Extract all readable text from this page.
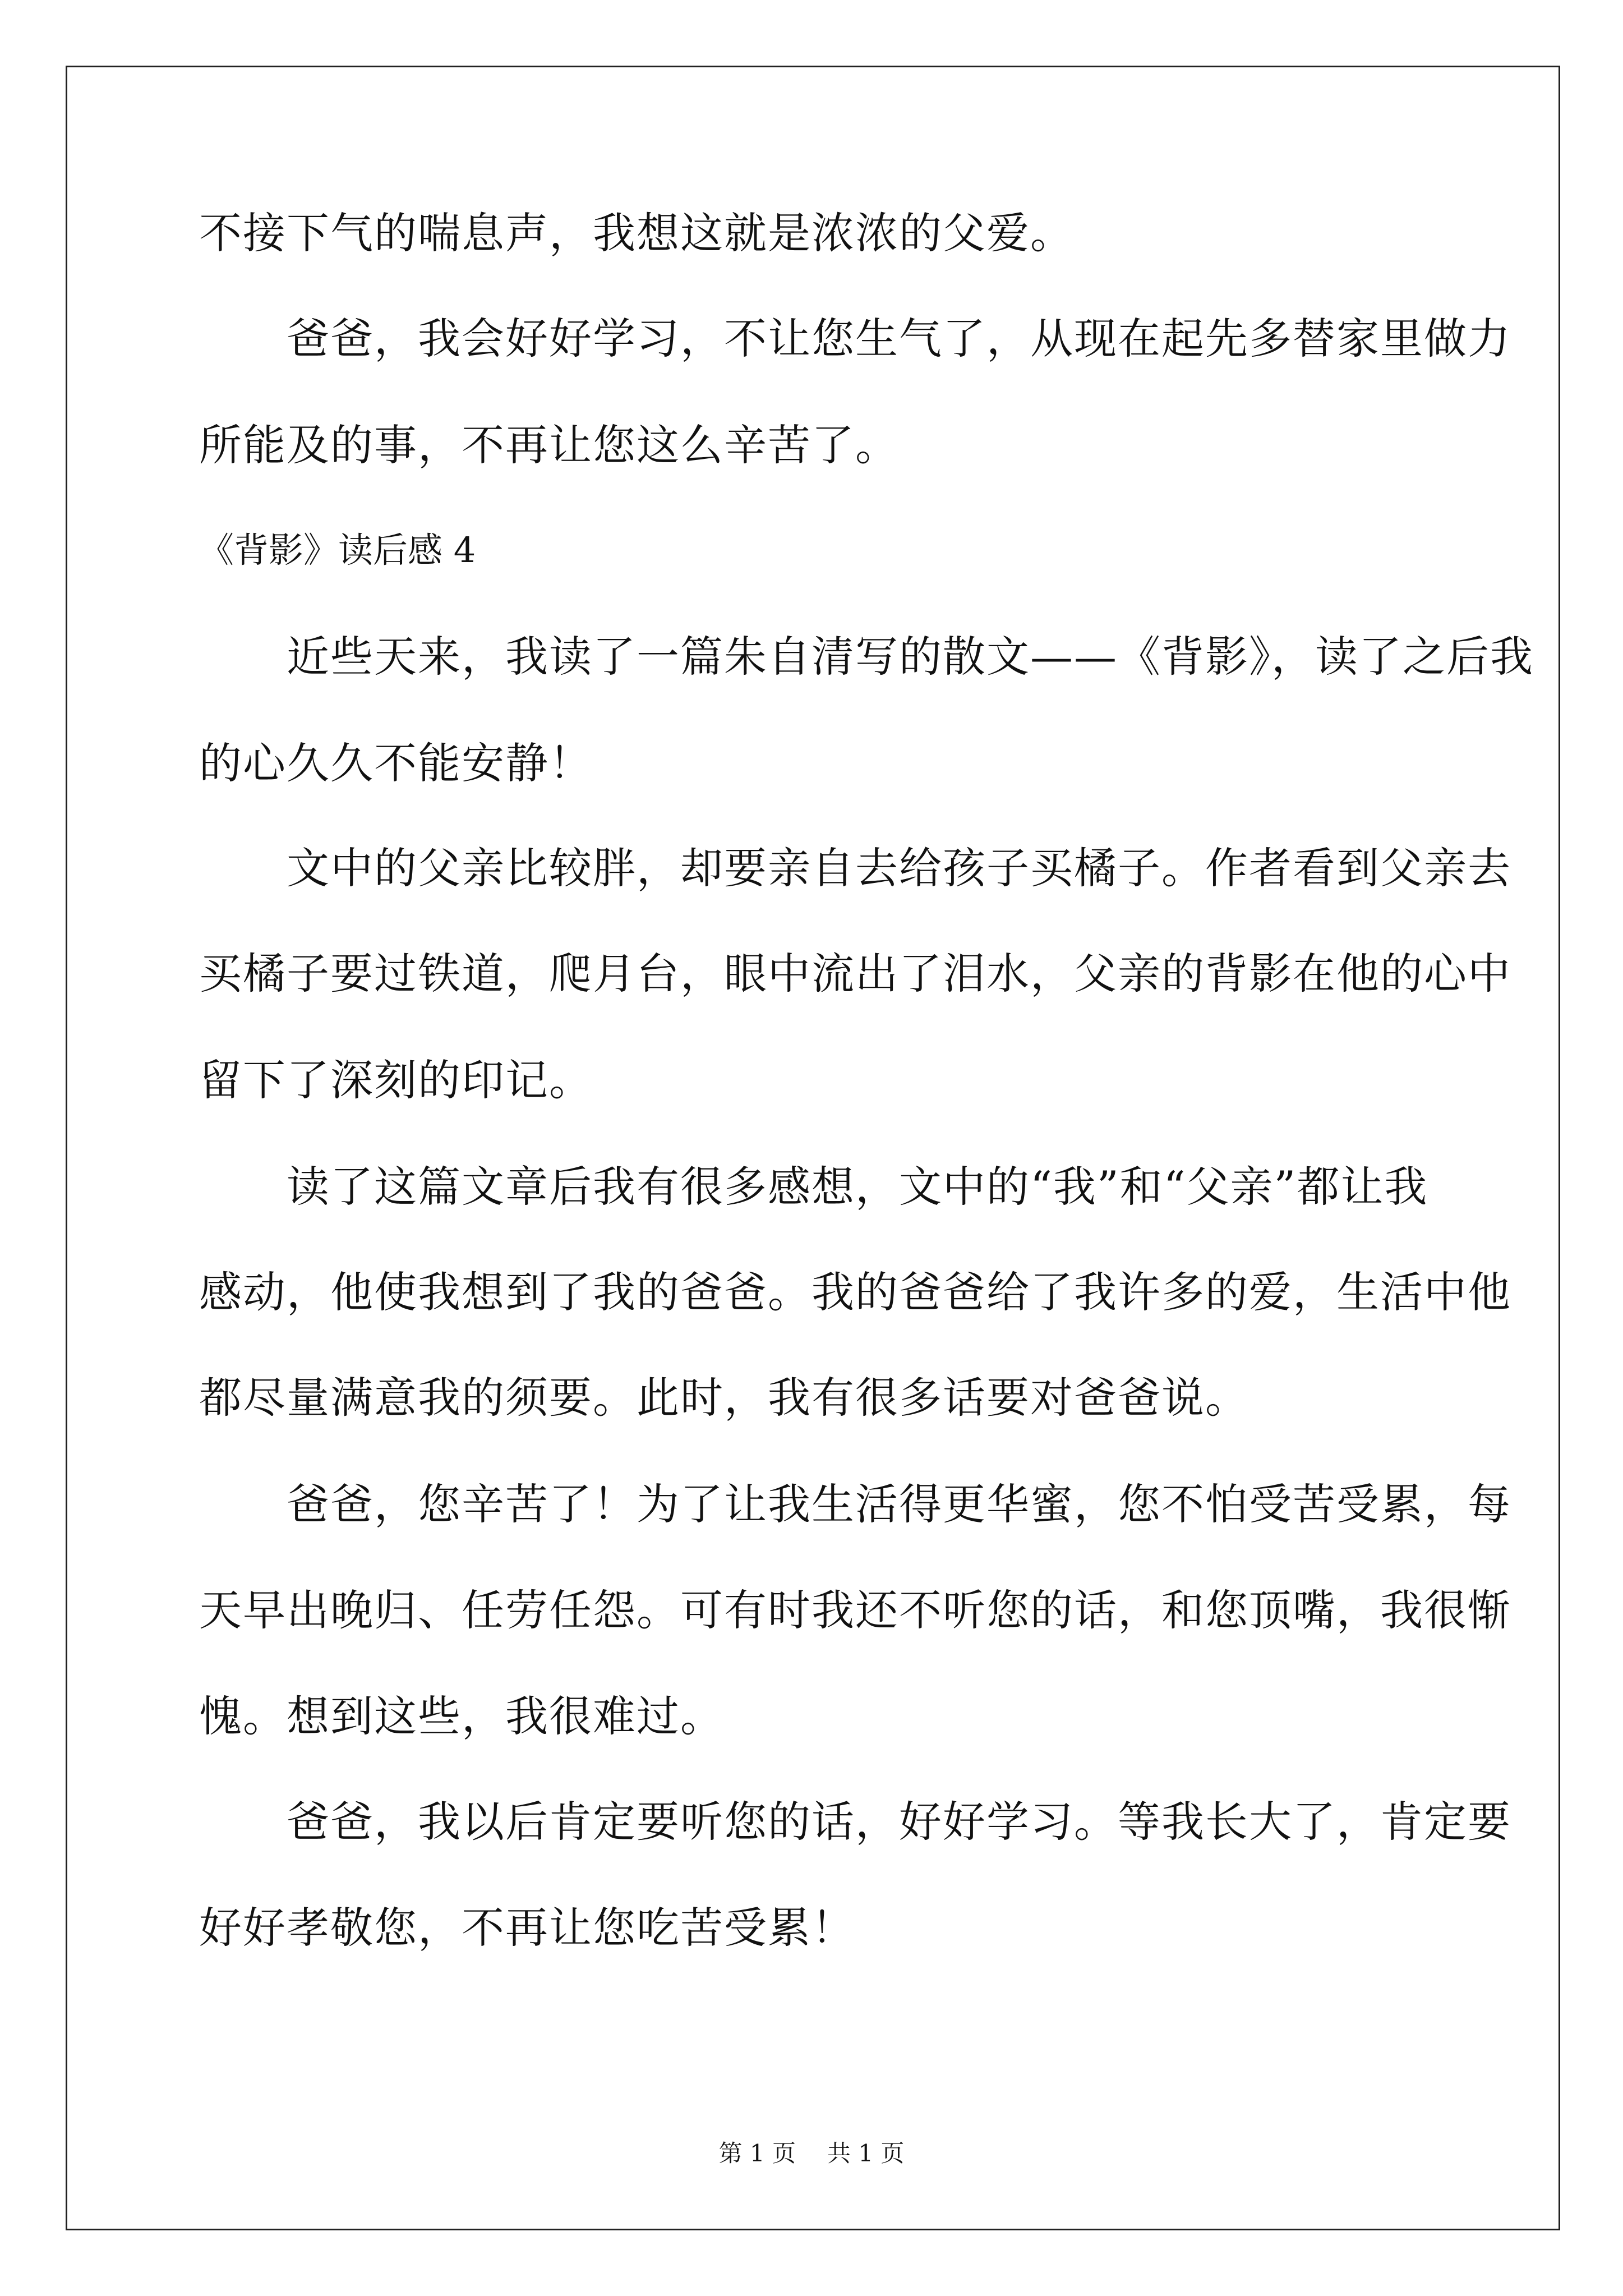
不接下气的喘息声，我想这就是浓浓的父爱。
　　爸爸，我会好好学习，不让您生气了，从现在起先多替家里做力
所能及的事，不再让您这么辛苦了。
《背影》读后感 4
　　近些天来，我读了一篇朱自清写的散文——《背影》，读了之后我
的心久久不能安静！
　　文中的父亲比较胖，却要亲自去给孩子买橘子。作者看到父亲去
买橘子要过铁道，爬月台，眼中流出了泪水，父亲的背影在他的心中
留下了深刻的印记。
　　读了这篇文章后我有很多感想，文中的“我”和“父亲”都让我
感动，他使我想到了我的爸爸。我的爸爸给了我许多的爱，生活中他
都尽量满意我的须要。此时，我有很多话要对爸爸说。
　　爸爸，您辛苦了！为了让我生活得更华蜜，您不怕受苦受累，每
天早出晚归、任劳任怨。可有时我还不听您的话，和您顶嘴，我很惭
愧。想到这些，我很难过。
　　爸爸，我以后肯定要听您的话，好好学习。等我长大了，肯定要
好好孝敬您，不再让您吃苦受累！
第 1 页 共 1 页
